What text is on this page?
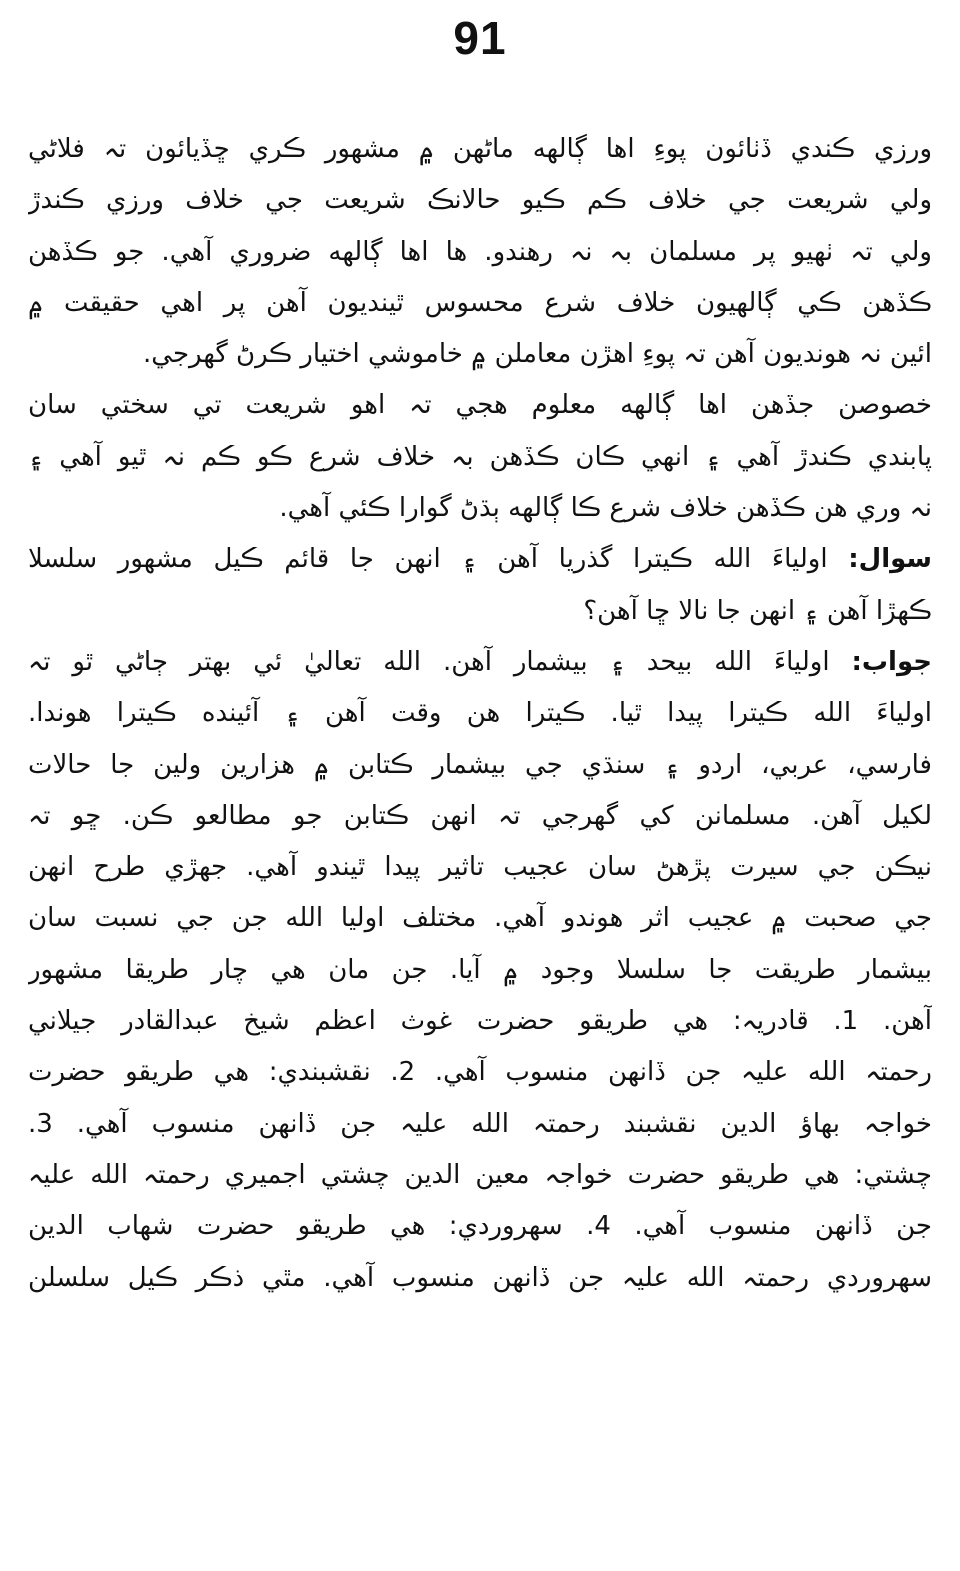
91
ورزي ڪندي ڏٺائون پوءِ اها ڳالهه ماڻهن ۾ مشهور ڪري ڇڏيائون تہ فلاڻي
ولي شريعت جي خلاف ڪم ڪيو حالانڪ شريعت جي خلاف ورزي ڪندڙ
ولي تہ ٺهيو پر مسلمان بہ نہ رهندو. ها اها ڳالهه ضروري آهي. جو ڪڏهن
ڪڏهن ڪي ڳالهيون خلاف شرع محسوس ٿينديون آهن پر اهي حقيقت ۾
ائين نہ هونديون آهن تہ پوءِ اهڙن معاملن ۾ خاموشي اختيار ڪرڻ گهرجي.
خصوصن جڏهن اها ڳالهه معلوم هجي تہ اهو شريعت تي سختي سان
پابندي ڪندڙ آهي ۽ انهي ڪان ڪڏهن بہ خلاف شرع ڪو ڪم نہ ٿيو آهي ۽
نہ وري هن ڪڏهن خلاف شرع ڪا ڳالهه ٻڌڻ گوارا ڪئي آهي.
سوال: اولياءَ الله ڪيترا گذريا آهن ۽ انهن جا قائم ڪيل مشهور سلسلا
ڪهڙا آهن ۽ انهن جا نالا ڇا آهن؟
جواب: اولياءَ الله بيحد ۽ بيشمار آهن. الله تعاليٰ ئي بهتر ڄاڻي ٿو تہ
اولياءَ الله ڪيترا پيدا ٿيا. ڪيترا هن وقت آهن ۽ آئينده ڪيترا هوندا.
فارسي، عربي، اردو ۽ سنڌي جي بيشمار ڪتابن ۾ هزارين ولين جا حالات
لکيل آهن. مسلمانن کي گهرجي تہ انهن ڪتابن جو مطالعو ڪن. ڇو تہ
نيڪن جي سيرت پڙهڻ سان عجيب تاثير پيدا ٿيندو آهي. جهڙي طرح انهن
جي صحبت ۾ عجيب اثر هوندو آهي. مختلف اوليا الله جن جي نسبت سان
بيشمار طريقت جا سلسلا وجود ۾ آيا. جن مان هي چار طريقا مشهور
آهن. 1. قادريہ: هي طريقو حضرت غوث اعظم شيخ عبدالقادر جيلاني
رحمتہ الله عليہ جن ڏانهن منسوب آهي. 2. نقشبندي: هي طريقو حضرت
خواجہ بهاؤ الدين نقشبند رحمتہ الله عليہ جن ڏانهن منسوب آهي. 3.
چشتي: هي طريقو حضرت خواجہ معين الدين چشتي اجميري رحمتہ الله عليہ
جن ڏانهن منسوب آهي. 4. سهروردي: هي طريقو حضرت شهاب الدين
سهروردي رحمتہ الله عليہ جن ڏانهن منسوب آهي. مٿي ذڪر ڪيل سلسلن
